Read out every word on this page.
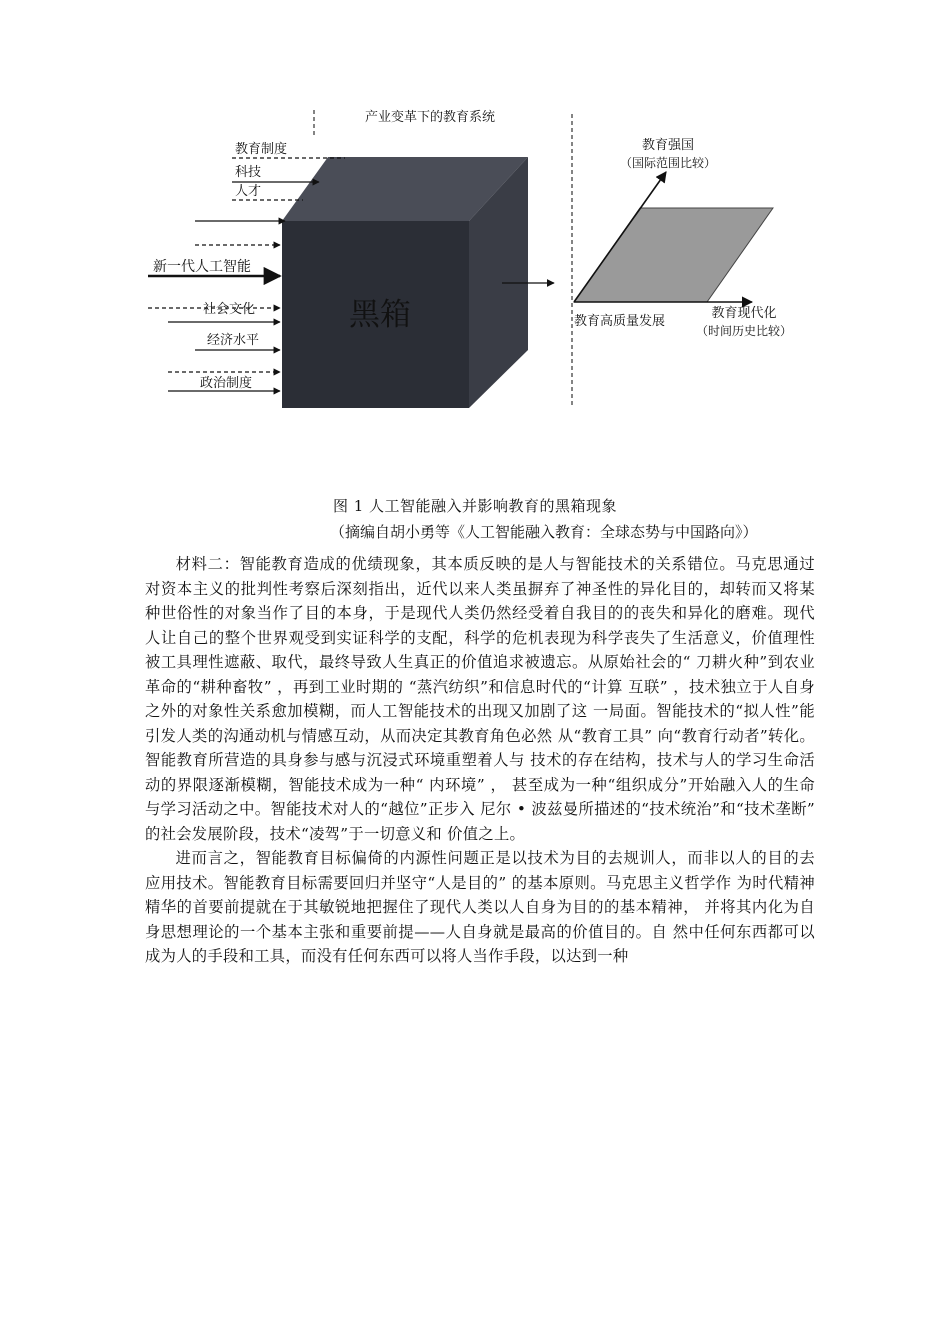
产业变革下的教育系统
黑箱
教育制度
科技
人才
新一代人工智能
社会文化
经济水平
政治制度
教育强国
（国际范围比较）
教育现代化
（时间历史比较）
教育高质量发展
图 1 人工智能融入并影响教育的黑箱现象
（摘编自胡小勇等《人工智能融入教育：全球态势与中国路向》）

材料二：智能教育造成的优绩现象，其本质反映的是人与智能技术的关系错位。马克思通过对资本主义的批判性考察后深刻指出，近代以来人类虽摒弃了神圣性的异化目的，却转而又将某种世俗性的对象当作了目的本身，于是现代人类仍然经受着自我目的的丧失和异化的磨难。现代人让自己的整个世界观受到实证科学的支配，科学的危机表现为科学丧失了生活意义，价值理性被工具理性遮蔽、取代，最终导致人生真正的价值追求被遗忘。从原始社会的“ 刀耕火种”到农业革命的“耕种畜牧” ，再到工业时期的 “蒸汽纺织”和信息时代的“计算 互联” ，技术独立于人自身之外的对象性关系愈加模糊，而人工智能技术的出现又加剧了这 一局面。智能技术的“拟人性”能引发人类的沟通动机与情感互动，从而决定其教育角色必然 从“教育工具” 向“教育行动者”转化。智能教育所营造的具身参与感与沉浸式环境重塑着人与 技术的存在结构，技术与人的学习生命活动的界限逐渐模糊，智能技术成为一种“ 内环境” ， 甚至成为一种“组织成分”开始融入人的生命与学习活动之中。智能技术对人的“越位”正步入 尼尔 • 波兹曼所描述的“技术统治”和“技术垄断” 的社会发展阶段，技术“凌驾”于一切意义和 价值之上。

进而言之，智能教育目标偏倚的内源性问题正是以技术为目的去规训人，而非以人的目的去应用技术。智能教育目标需要回归并坚守“人是目的” 的基本原则。马克思主义哲学作 为时代精神精华的首要前提就在于其敏锐地把握住了现代人类以人自身为目的的基本精神， 并将其内化为自身思想理论的一个基本主张和重要前提——人自身就是最高的价值目的。自 然中任何东西都可以成为人的手段和工具，而没有任何东西可以将人当作手段，以达到一种
